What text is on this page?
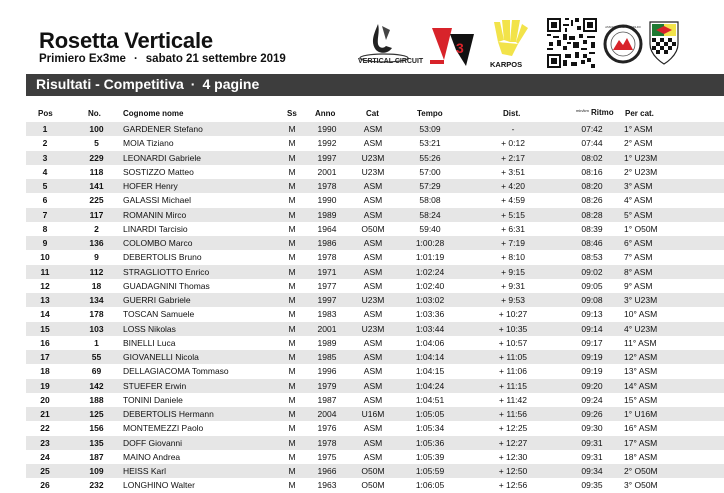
Rosetta Verticale
Primiero Ex3me · sabato 21 settembre 2019	VERTICAL CIRCUIT
3
KARPOS
ASSOCIAZIONE S.ARNOLDO
Risultati - Competitiva · 4 pagine
Pos	No.	Cognome nome	Ss Anno	Cat	Tempo	Dist.	Ritmo
min/km	Per cat.
1	100	GARDENER Stefano	M	1990	ASM	53:09	-	07:42	1° ASM
2	5	MOIA Tiziano	M	1992	ASM	53:21	+ 0:12	07:44	2° ASM
3	229	LEONARDI Gabriele	M	1997	U23M	55:26	+ 2:17	08:02	1° U23M
4	118	SOSTIZZO Matteo	M	2001	U23M	57:00	+ 3:51	08:16	2° U23M
5	141	HOFER Henry	M	1978	ASM	57:29	+ 4:20	08:20	3° ASM
6	225	GALASSI Michael	M	1990	ASM	58:08	+ 4:59	08:26	4° ASM
7	117	ROMANIN Mirco	M	1989	ASM	58:24	+ 5:15	08:28	5° ASM
8	2	LINARDI Tarcisio	M	1964	O50M	59:40	+ 6:31	08:39	1° O50M
9	136	COLOMBO Marco	M	1986	ASM	1:00:28	+ 7:19	08:46	6° ASM
10	9	DEBERTOLIS Bruno	M	1978	ASM	1:01:19	+ 8:10	08:53	7° ASM
11	112	STRAGLIOTTO Enrico	M	1971	ASM	1:02:24	+ 9:15	09:02	8° ASM
12	18	GUADAGNINI Thomas	M	1977	ASM	1:02:40	+ 9:31	09:05	9° ASM
13	134	GUERRI Gabriele	M	1997	U23M	1:03:02	+ 9:53	09:08	3° U23M
14	178	TOSCAN Samuele	M	1983	ASM	1:03:36	+ 10:27	09:13	10° ASM
15	103	LOSS Nikolas	M	2001	U23M	1:03:44	+ 10:35	09:14	4° U23M
16	1	BINELLI Luca	M	1989	ASM	1:04:06	+ 10:57	09:17	11° ASM
17	55	GIOVANELLI Nicola	M	1985	ASM	1:04:14	+ 11:05	09:19	12° ASM
18	69	DELLAGIACOMA Tommaso	M	1996	ASM	1:04:15	+ 11:06	09:19	13° ASM
19	142	STUEFER Erwin	M	1979	ASM	1:04:24	+ 11:15	09:20	14° ASM
20	188	TONINI Daniele	M	1987	ASM	1:04:51	+ 11:42	09:24	15° ASM
21	125	DEBERTOLIS Hermann	M	2004	U16M	1:05:05	+ 11:56	09:26	1° U16M
22	156	MONTEMEZZI Paolo	M	1976	ASM	1:05:34	+ 12:25	09:30	16° ASM
23	135	DOFF Giovanni	M	1978	ASM	1:05:36	+ 12:27	09:31	17° ASM
24	187	MAINO Andrea	M	1975	ASM	1:05:39	+ 12:30	09:31	18° ASM
25	109	HEISS Karl	M	1966	O50M	1:05:59	+ 12:50	09:34	2° O50M
26	232	LONGHINO Walter	M	1963	O50M	1:06:05	+ 12:56	09:35	3° O50M
